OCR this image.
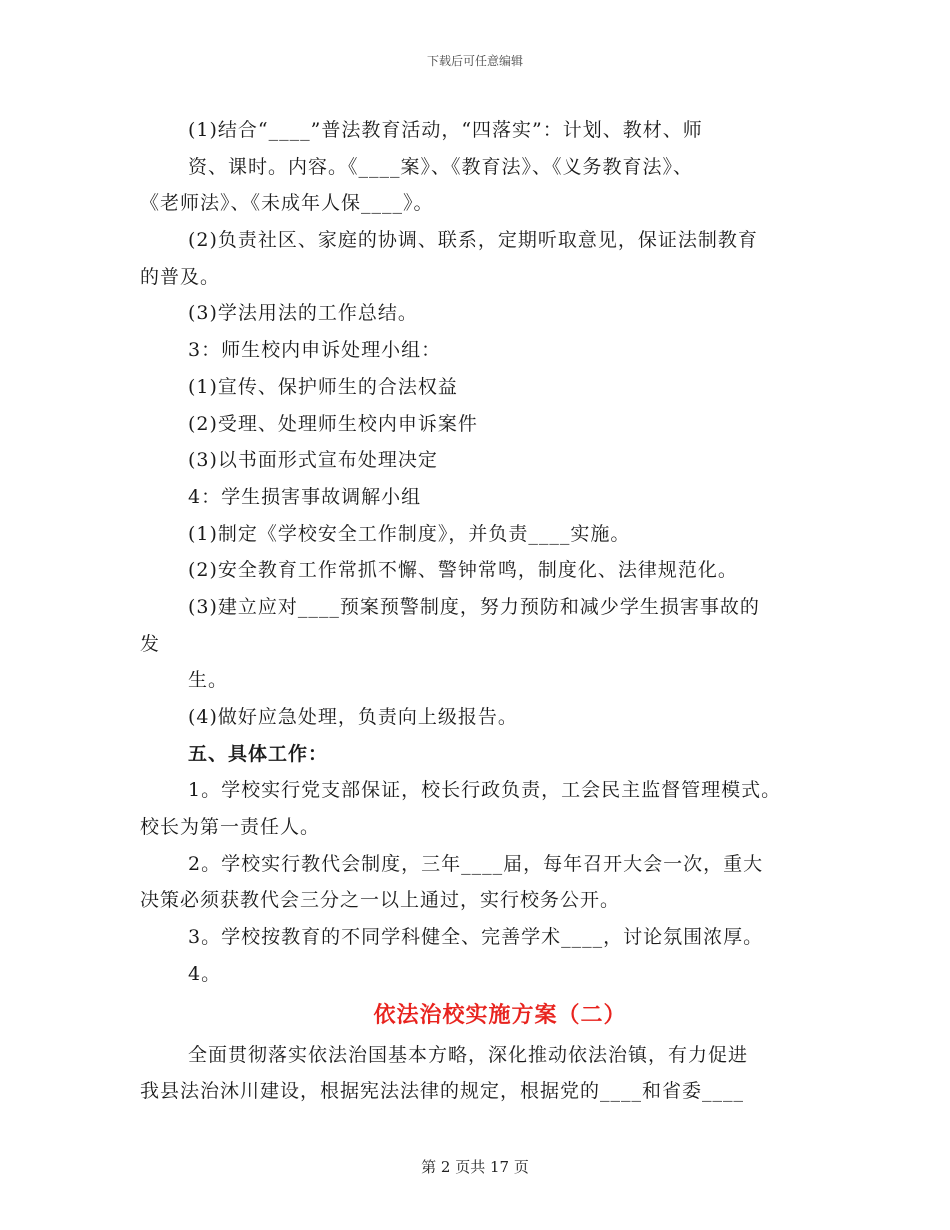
下载后可任意编辑
(1)结合“____”普法教育活动，“四落实”：计划、教材、师
资、课时。内容。《____案》、《教育法》、《义务教育法》、
《老师法》、《未成年人保____》。
(2)负责社区、家庭的协调、联系，定期听取意见，保证法制教育
的普及。
(3)学法用法的工作总结。
3：师生校内申诉处理小组：
(1)宣传、保护师生的合法权益
(2)受理、处理师生校内申诉案件
(3)以书面形式宣布处理决定
4：学生损害事故调解小组
(1)制定《学校安全工作制度》，并负责____实施。
(2)安全教育工作常抓不懈、警钟常鸣，制度化、法律规范化。
(3)建立应对____预案预警制度，努力预防和减少学生损害事故的
发
生。
(4)做好应急处理，负责向上级报告。
五、具体工作：
1。学校实行党支部保证，校长行政负责，工会民主监督管理模式。
校长为第一责任人。
2。学校实行教代会制度，三年____届，每年召开大会一次，重大
决策必须获教代会三分之一以上通过，实行校务公开。
3。学校按教育的不同学科健全、完善学术____，讨论氛围浓厚。
4。
依法治校实施方案（二）
全面贯彻落实依法治国基本方略，深化推动依法治镇，有力促进
我县法治沐川建设，根据宪法法律的规定，根据党的____和省委____
第 2 页共 17 页
